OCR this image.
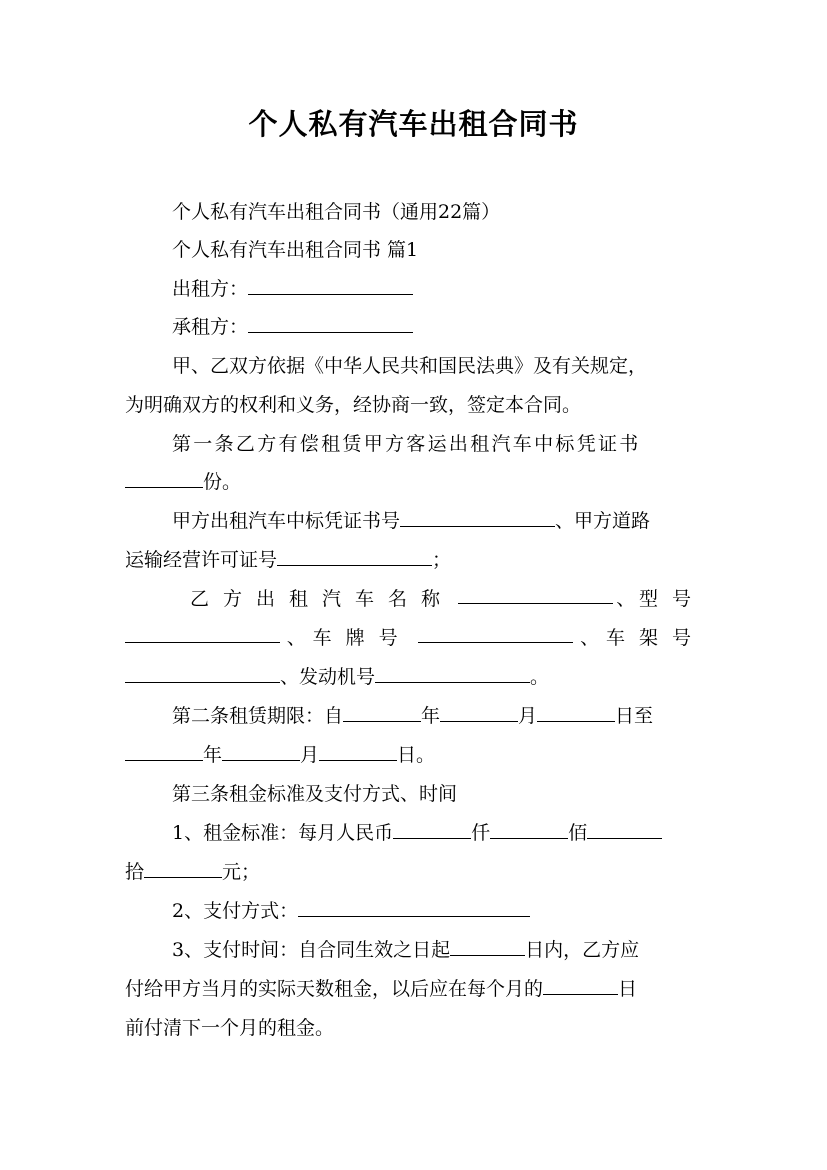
个人私有汽车出租合同书
个人私有汽车出租合同书（通用22篇）
个人私有汽车出租合同书 篇1
出租方：
承租方：
甲、乙双方依据《中华人民共和国民法典》及有关规定，
为明确双方的权利和义务，经协商一致，签定本合同。
第一条乙方有偿租赁甲方客运出租汽车中标凭证书
份。
甲方出租汽车中标凭证书号	、甲方道路
运输经营许可证号	；
乙方出租汽车名称	、 型号
、 车牌号	、 车架号
、发动机号	。
第二条租赁期限：自	年	月	日至
年	月	日。
第三条租金标准及支付方式、时间
1、租金标准：每月人民币	仟	佰
拾	元；
2、支付方式：
3、支付时间：自合同生效之日起	日内，乙方应
付给甲方当月的实际天数租金，以后应在每个月的	日
前付清下一个月的租金。
